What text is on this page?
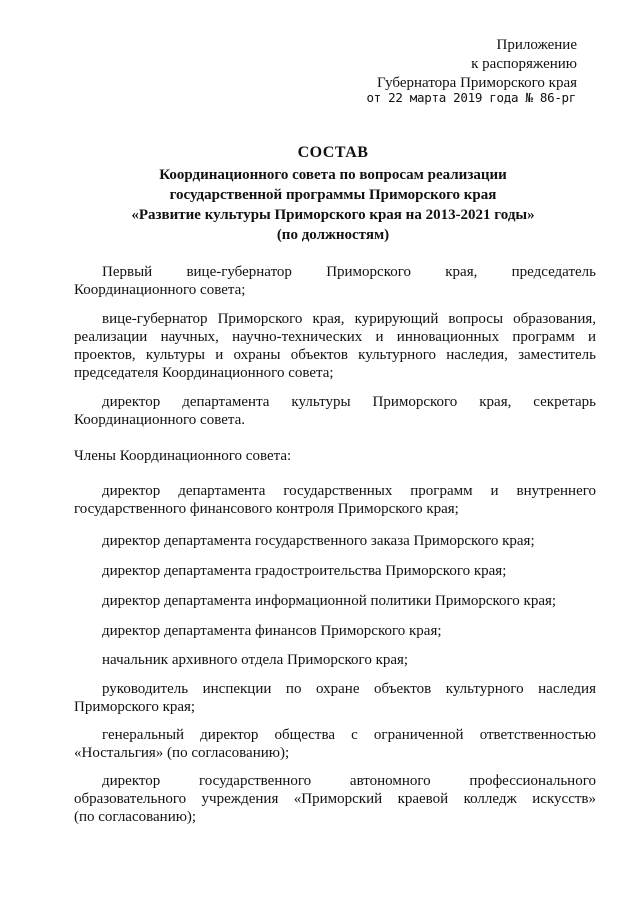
Приложение
к распоряжению
Губернатора Приморского края
от 22 марта 2019 года № 86-рг
СОСТАВ
Координационного совета по вопросам реализации
государственной программы Приморского края
«Развитие культуры Приморского края на 2013-2021 годы»
(по должностям)
Первый вице-губернатор Приморского края, председатель
Координационного совета;
вице-губернатор Приморского края, курирующий вопросы образования,
реализации научных, научно-технических и инновационных программ и
проектов, культуры и охраны объектов культурного наследия, заместитель
председателя Координационного совета;
директор департамента культуры Приморского края, секретарь
Координационного совета.
Члены Координационного совета:
директор департамента государственных программ и внутреннего
государственного финансового контроля Приморского края;
директор департамента государственного заказа Приморского края;
директор департамента градостроительства Приморского края;
директор департамента информационной политики Приморского края;
директор департамента финансов Приморского края;
начальник архивного отдела Приморского края;
руководитель инспекции по охране объектов культурного наследия
Приморского края;
генеральный директор общества с ограниченной ответственностью
«Ностальгия» (по согласованию);
директор государственного автономного профессионального
образовательного учреждения «Приморский краевой колледж искусств»
(по согласованию);
